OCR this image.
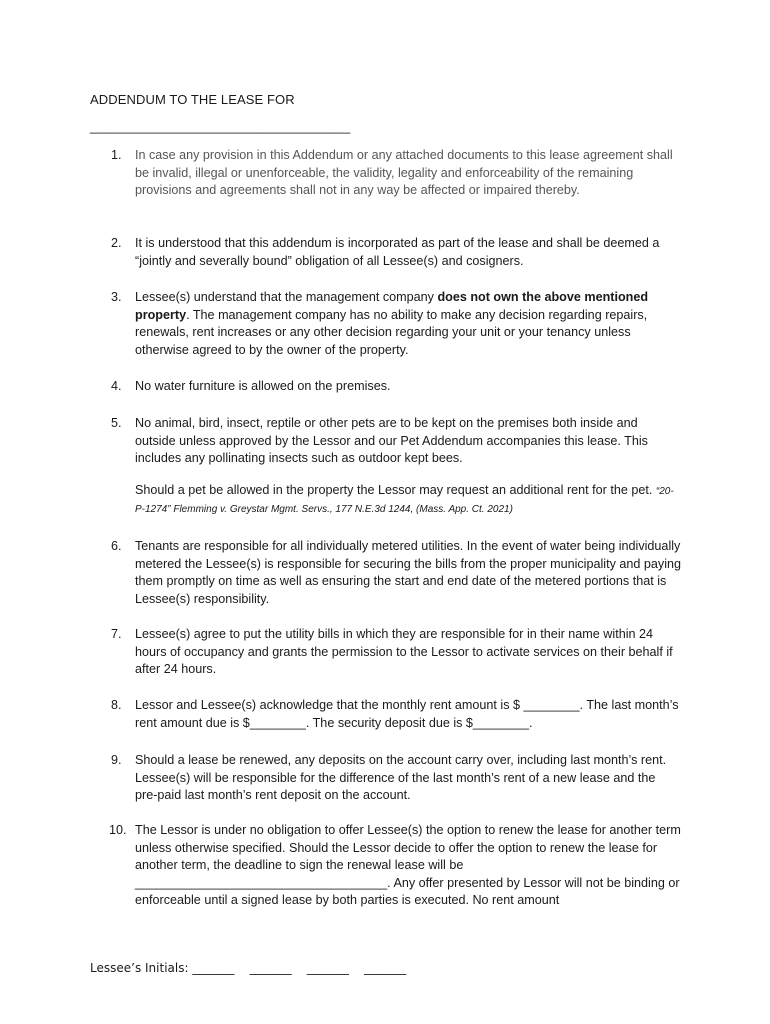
ADDENDUM TO THE LEASE FOR
____________________________________
1. In case any provision in this Addendum or any attached documents to this lease agreement shall be invalid, illegal or unenforceable, the validity, legality and enforceability of the remaining provisions and agreements shall not in any way be affected or impaired thereby.
2. It is understood that this addendum is incorporated as part of the lease and shall be deemed a “jointly and severally bound” obligation of all Lessee(s) and cosigners.
3. Lessee(s) understand that the management company does not own the above mentioned property. The management company has no ability to make any decision regarding repairs, renewals, rent increases or any other decision regarding your unit or your tenancy unless otherwise agreed to by the owner of the property.
4. No water furniture is allowed on the premises.
5. No animal, bird, insect, reptile or other pets are to be kept on the premises both inside and outside unless approved by the Lessor and our Pet Addendum accompanies this lease. This includes any pollinating insects such as outdoor kept bees.
Should a pet be allowed in the property the Lessor may request an additional rent for the pet. “20-P-1274” Flemming v. Greystar Mgmt. Servs., 177 N.E.3d 1244, (Mass. App. Ct. 2021)
6. Tenants are responsible for all individually metered utilities. In the event of water being individually metered the Lessee(s) is responsible for securing the bills from the proper municipality and paying them promptly on time as well as ensuring the start and end date of the metered portions that is Lessee(s) responsibility.
7. Lessee(s) agree to put the utility bills in which they are responsible for in their name within 24 hours of occupancy and grants the permission to the Lessor to activate services on their behalf if after 24 hours.
8. Lessor and Lessee(s) acknowledge that the monthly rent amount is $ ________. The last month’s rent amount due is $________. The security deposit due is $________.
9. Should a lease be renewed, any deposits on the account carry over, including last month’s rent. Lessee(s) will be responsible for the difference of the last month’s rent of a new lease and the pre-paid last month’s rent deposit on the account.
10. The Lessor is under no obligation to offer Lessee(s) the option to renew the lease for another term unless otherwise specified. Should the Lessor decide to offer the option to renew the lease for another term, the deadline to sign the renewal lease will be ____________________________________. Any offer presented by Lessor will not be binding or enforceable until a signed lease by both parties is executed. No rent amount
Lessee’s Initials: _______    _______    _______    _______
